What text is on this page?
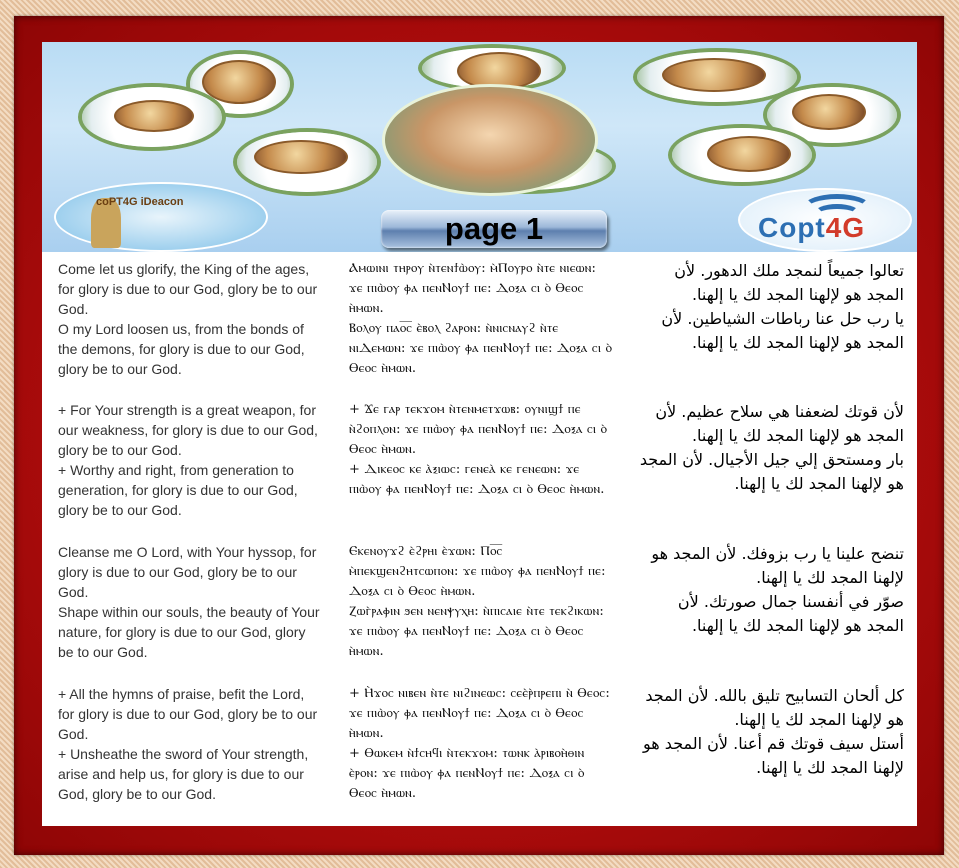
coPT4G iDeacon
Copt4G
page 1
Come let us glorify, the King of the ages, for glory is due to our God, glory be to our God.
O my Lord loosen us, from the bonds of the demons, for glory is due to our God, glory be to our God.
Ⲁⲙⲱⲓⲛⲓ ⲧⲏⲣⲟⲩ ⲛ̀ⲧⲉⲛϯⲱ̀ⲟⲩ: ⲙ̀Ⲡⲟⲩⲣⲟ ⲛ̀ⲧⲉ ⲛⲓⲉⲱⲛ: ϫⲉ ⲡⲓⲱ̀ⲟⲩ ⲫⲁ ⲡⲉⲛⲚⲟⲩϯ ⲡⲉ: Ⲇⲟⲝⲁ ⲥⲓ ⲟ̀ Ⲑⲉⲟⲥ ⲏ̀ⲙⲱⲛ.
Ⲃⲟⲗⲟⲩ ⲡⲁⲟ̅ⲥ̅ ⲉ̀ⲃⲟⲗ ϩⲁⲣⲟⲛ: ⲛ̀ⲛⲓⲥⲛⲁⲩϩ ⲛ̀ⲧⲉ ⲛⲓⲆⲉⲙⲱⲛ: ϫⲉ ⲡⲓⲱ̀ⲟⲩ ⲫⲁ ⲡⲉⲛⲚⲟⲩϯ ⲡⲉ: Ⲇⲟⲝⲁ ⲥⲓ ⲟ̀ Ⲑⲉⲟⲥ ⲏ̀ⲙⲱⲛ.
تعالوا جميعاً لنمجد ملك الدهور. لأن المجد هو لإلهنا المجد لك يا إلهنا.
يا رب حل عنا رباطات الشياطين. لأن المجد هو لإلهنا المجد لك يا إلهنا.
+ For Your strength is a great weapon, for our weakness, for glory is due to our God, glory be to our God.
+ Worthy and right, from generation to generation, for glory is due to our God, glory be to our God.
+ Ϫⲉ ⲅⲁⲣ ⲧⲉⲕϫⲟⲙ ⲛ̀ⲧⲉⲛⲙⲉⲧϫⲱⲃ: ⲟⲩⲛⲓϣϯ ⲡⲉ ⲛ̀ϩⲟⲡⲗⲟⲛ: ϫⲉ ⲡⲓⲱ̀ⲟⲩ ⲫⲁ ⲡⲉⲛⲚⲟⲩϯ ⲡⲉ: Ⲇⲟⲝⲁ ⲥⲓ ⲟ̀ Ⲑⲉⲟⲥ ⲏ̀ⲙⲱⲛ.
+ Ⲇⲓⲕⲉⲟⲥ ⲕⲉ ⲁ̀ⲝⲓⲱⲥ: ⲅⲉⲛⲉⲁ̀ ⲕⲉ ⲅⲉⲛⲉⲱⲛ: ϫⲉ ⲡⲓⲱ̀ⲟⲩ ⲫⲁ ⲡⲉⲛⲚⲟⲩϯ ⲡⲉ: Ⲇⲟⲝⲁ ⲥⲓ ⲟ̀ Ⲑⲉⲟⲥ ⲏ̀ⲙⲱⲛ.
لأن قوتك لضعفنا هي سلاح عظيم. لأن المجد هو لإلهنا المجد لك يا إلهنا.
بار ومستحق إلي جيل الأجيال. لأن المجد هو لإلهنا المجد لك يا إلهنا.
Cleanse me O Lord, with Your hyssop, for glory is due to our God, glory be to our God.
Shape within our souls, the beauty of Your nature, for glory is due to our God, glory be to our God.
Ⲉⲕⲉⲛⲟⲩϫϩ ⲉ̀ϩⲣⲏⲓ ⲉ̀ϫⲱⲛ: Ⲡⲟ̅ⲥ̅ ⲙ̀ⲡⲉⲕϣⲉⲛϩⲏⲧⲥⲱⲡⲟⲛ: ϫⲉ ⲡⲓⲱ̀ⲟⲩ ⲫⲁ ⲡⲉⲛⲚⲟⲩϯ ⲡⲉ: Ⲇⲟⲝⲁ ⲥⲓ ⲟ̀ Ⲑⲉⲟⲥ ⲏ̀ⲙⲱⲛ.
Ⲍⲱⲅ̀ⲣⲁⲫⲓⲛ ϧⲉⲛ ⲛⲉⲛⲯⲩⲭⲏ: ⲛ̀ⲡⲓⲥⲁⲓⲉ ⲛ̀ⲧⲉ ⲧⲉⲕϩⲓⲕⲱⲛ: ϫⲉ ⲡⲓⲱ̀ⲟⲩ ⲫⲁ ⲡⲉⲛⲚⲟⲩϯ ⲡⲉ: Ⲇⲟⲝⲁ ⲥⲓ ⲟ̀ Ⲑⲉⲟⲥ ⲏ̀ⲙⲱⲛ.
تنضح علينا يا رب بزوفك. لأن المجد هو لإلهنا المجد لك يا إلهنا.
صوّر في أنفسنا جمال صورتك. لأن المجد هو لإلهنا المجد لك يا إلهنا.
+ All the hymns of praise, befit the Lord, for glory is due to our God, glory be to our God.
+ Unsheathe the sword of Your strength, arise and help us, for glory is due to our God, glory be to our God.
+ Ⲏ̀ϫⲟⲥ ⲛⲓⲃⲉⲛ ⲛ̀ⲧⲉ ⲛⲓϩⲓⲛⲉⲱⲥ: ⲥⲉⲉ̀ⲣ̀ⲡⲣⲉⲡⲓ ⲛ̀ Ⲑⲉⲟⲥ: ϫⲉ ⲡⲓⲱ̀ⲟⲩ ⲫⲁ ⲡⲉⲛⲚⲟⲩϯ ⲡⲉ: Ⲇⲟⲝⲁ ⲥⲓ ⲟ̀ Ⲑⲉⲟⲥ ⲏ̀ⲙⲱⲛ.
+ Ⲑⲱⲕⲉⲙ ⲛ̀ϯⲥⲏϥⲓ ⲛ̀ⲧⲉⲕϫⲟⲙ: ⲧⲱⲛⲕ ⲁ̀ⲣⲓⲃⲟⲏ̀ⲑⲓⲛ ⲉ̀ⲣⲟⲛ: ϫⲉ ⲡⲓⲱ̀ⲟⲩ ⲫⲁ ⲡⲉⲛⲚⲟⲩϯ ⲡⲉ: Ⲇⲟⲝⲁ ⲥⲓ ⲟ̀ Ⲑⲉⲟⲥ ⲏ̀ⲙⲱⲛ.
كل ألحان التسابيح تليق بالله. لأن المجد هو لإلهنا المجد لك يا إلهنا.
أستل سيف قوتك قم أعنا. لأن المجد هو لإلهنا المجد لك يا إلهنا.
